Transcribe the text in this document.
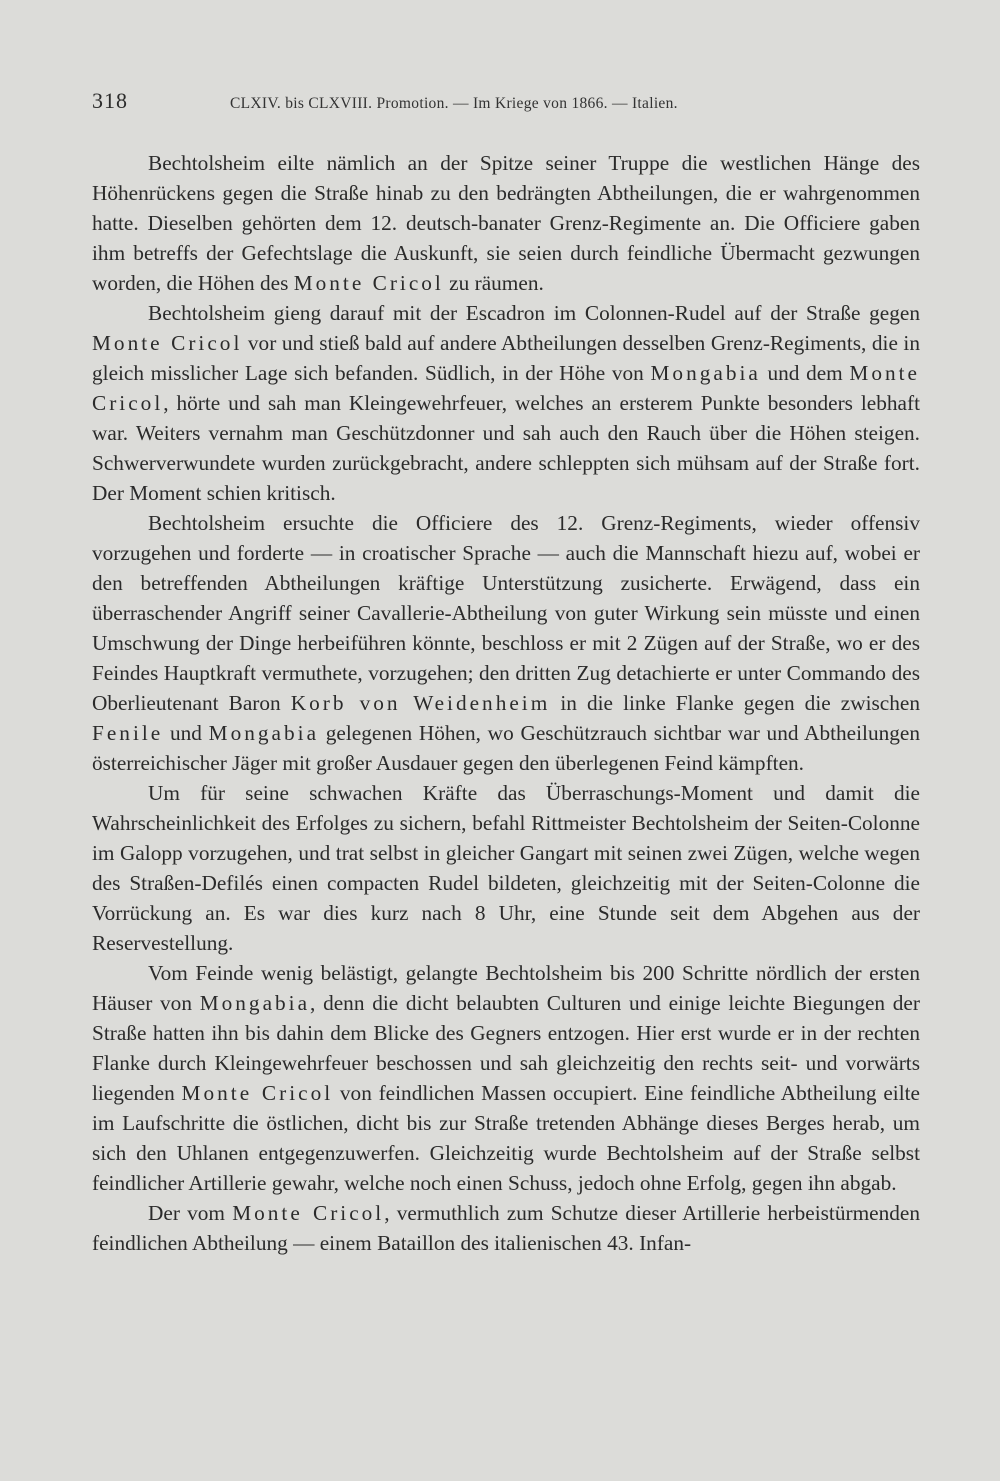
318	CLXIV. bis CLXVIII. Promotion. — Im Kriege von 1866. — Italien.

Bechtolsheim eilte nämlich an der Spitze seiner Truppe die westlichen Hänge des Höhenrückens gegen die Straße hinab zu den bedrängten Abtheilungen, die er wahrgenommen hatte. Dieselben gehörten dem 12. deutsch-banater Grenz-Regimente an. Die Officiere gaben ihm betreffs der Gefechtslage die Auskunft, sie seien durch feindliche Übermacht gezwungen worden, die Höhen des Monte Cricol zu räumen.

Bechtolsheim gieng darauf mit der Escadron im Colonnen-Rudel auf der Straße gegen Monte Cricol vor und stieß bald auf andere Abtheilungen desselben Grenz-Regiments, die in gleich misslicher Lage sich befanden. Südlich, in der Höhe von Mongabia und dem Monte Cricol, hörte und sah man Kleingewehrfeuer, welches an ersterem Punkte besonders lebhaft war. Weiters vernahm man Geschützdonner und sah auch den Rauch über die Höhen steigen. Schwerverwundete wurden zurückgebracht, andere schleppten sich mühsam auf der Straße fort. Der Moment schien kritisch.

Bechtolsheim ersuchte die Officiere des 12. Grenz-Regiments, wieder offensiv vorzugehen und forderte — in croatischer Sprache — auch die Mannschaft hiezu auf, wobei er den betreffenden Abtheilungen kräftige Unterstützung zusicherte. Erwägend, dass ein überraschender Angriff seiner Cavallerie-Abtheilung von guter Wirkung sein müsste und einen Umschwung der Dinge herbeiführen könnte, beschloss er mit 2 Zügen auf der Straße, wo er des Feindes Hauptkraft vermuthete, vorzugehen; den dritten Zug detachierte er unter Commando des Oberlieutenant Baron Korb von Weidenheim in die linke Flanke gegen die zwischen Fenile und Mongabia gelegenen Höhen, wo Geschützrauch sichtbar war und Abtheilungen österreichischer Jäger mit großer Ausdauer gegen den überlegenen Feind kämpften.

Um für seine schwachen Kräfte das Überraschungs-Moment und damit die Wahrscheinlichkeit des Erfolges zu sichern, befahl Rittmeister Bechtolsheim der Seiten-Colonne im Galopp vorzugehen, und trat selbst in gleicher Gangart mit seinen zwei Zügen, welche wegen des Straßen-Defilés einen compacten Rudel bildeten, gleichzeitig mit der Seiten-Colonne die Vorrückung an. Es war dies kurz nach 8 Uhr, eine Stunde seit dem Abgehen aus der Reservestellung.

Vom Feinde wenig belästigt, gelangte Bechtolsheim bis 200 Schritte nördlich der ersten Häuser von Mongabia, denn die dicht belaubten Culturen und einige leichte Biegungen der Straße hatten ihn bis dahin dem Blicke des Gegners entzogen. Hier erst wurde er in der rechten Flanke durch Kleingewehrfeuer beschossen und sah gleichzeitig den rechts seit- und vorwärts liegenden Monte Cricol von feindlichen Massen occupiert. Eine feindliche Abtheilung eilte im Laufschritte die östlichen, dicht bis zur Straße tretenden Abhänge dieses Berges herab, um sich den Uhlanen entgegenzuwerfen. Gleichzeitig wurde Bechtolsheim auf der Straße selbst feindlicher Artillerie gewahr, welche noch einen Schuss, jedoch ohne Erfolg, gegen ihn abgab.

Der vom Monte Cricol, vermuthlich zum Schutze dieser Artillerie herbeistürmenden feindlichen Abtheilung — einem Bataillon des italienischen 43. Infan-
